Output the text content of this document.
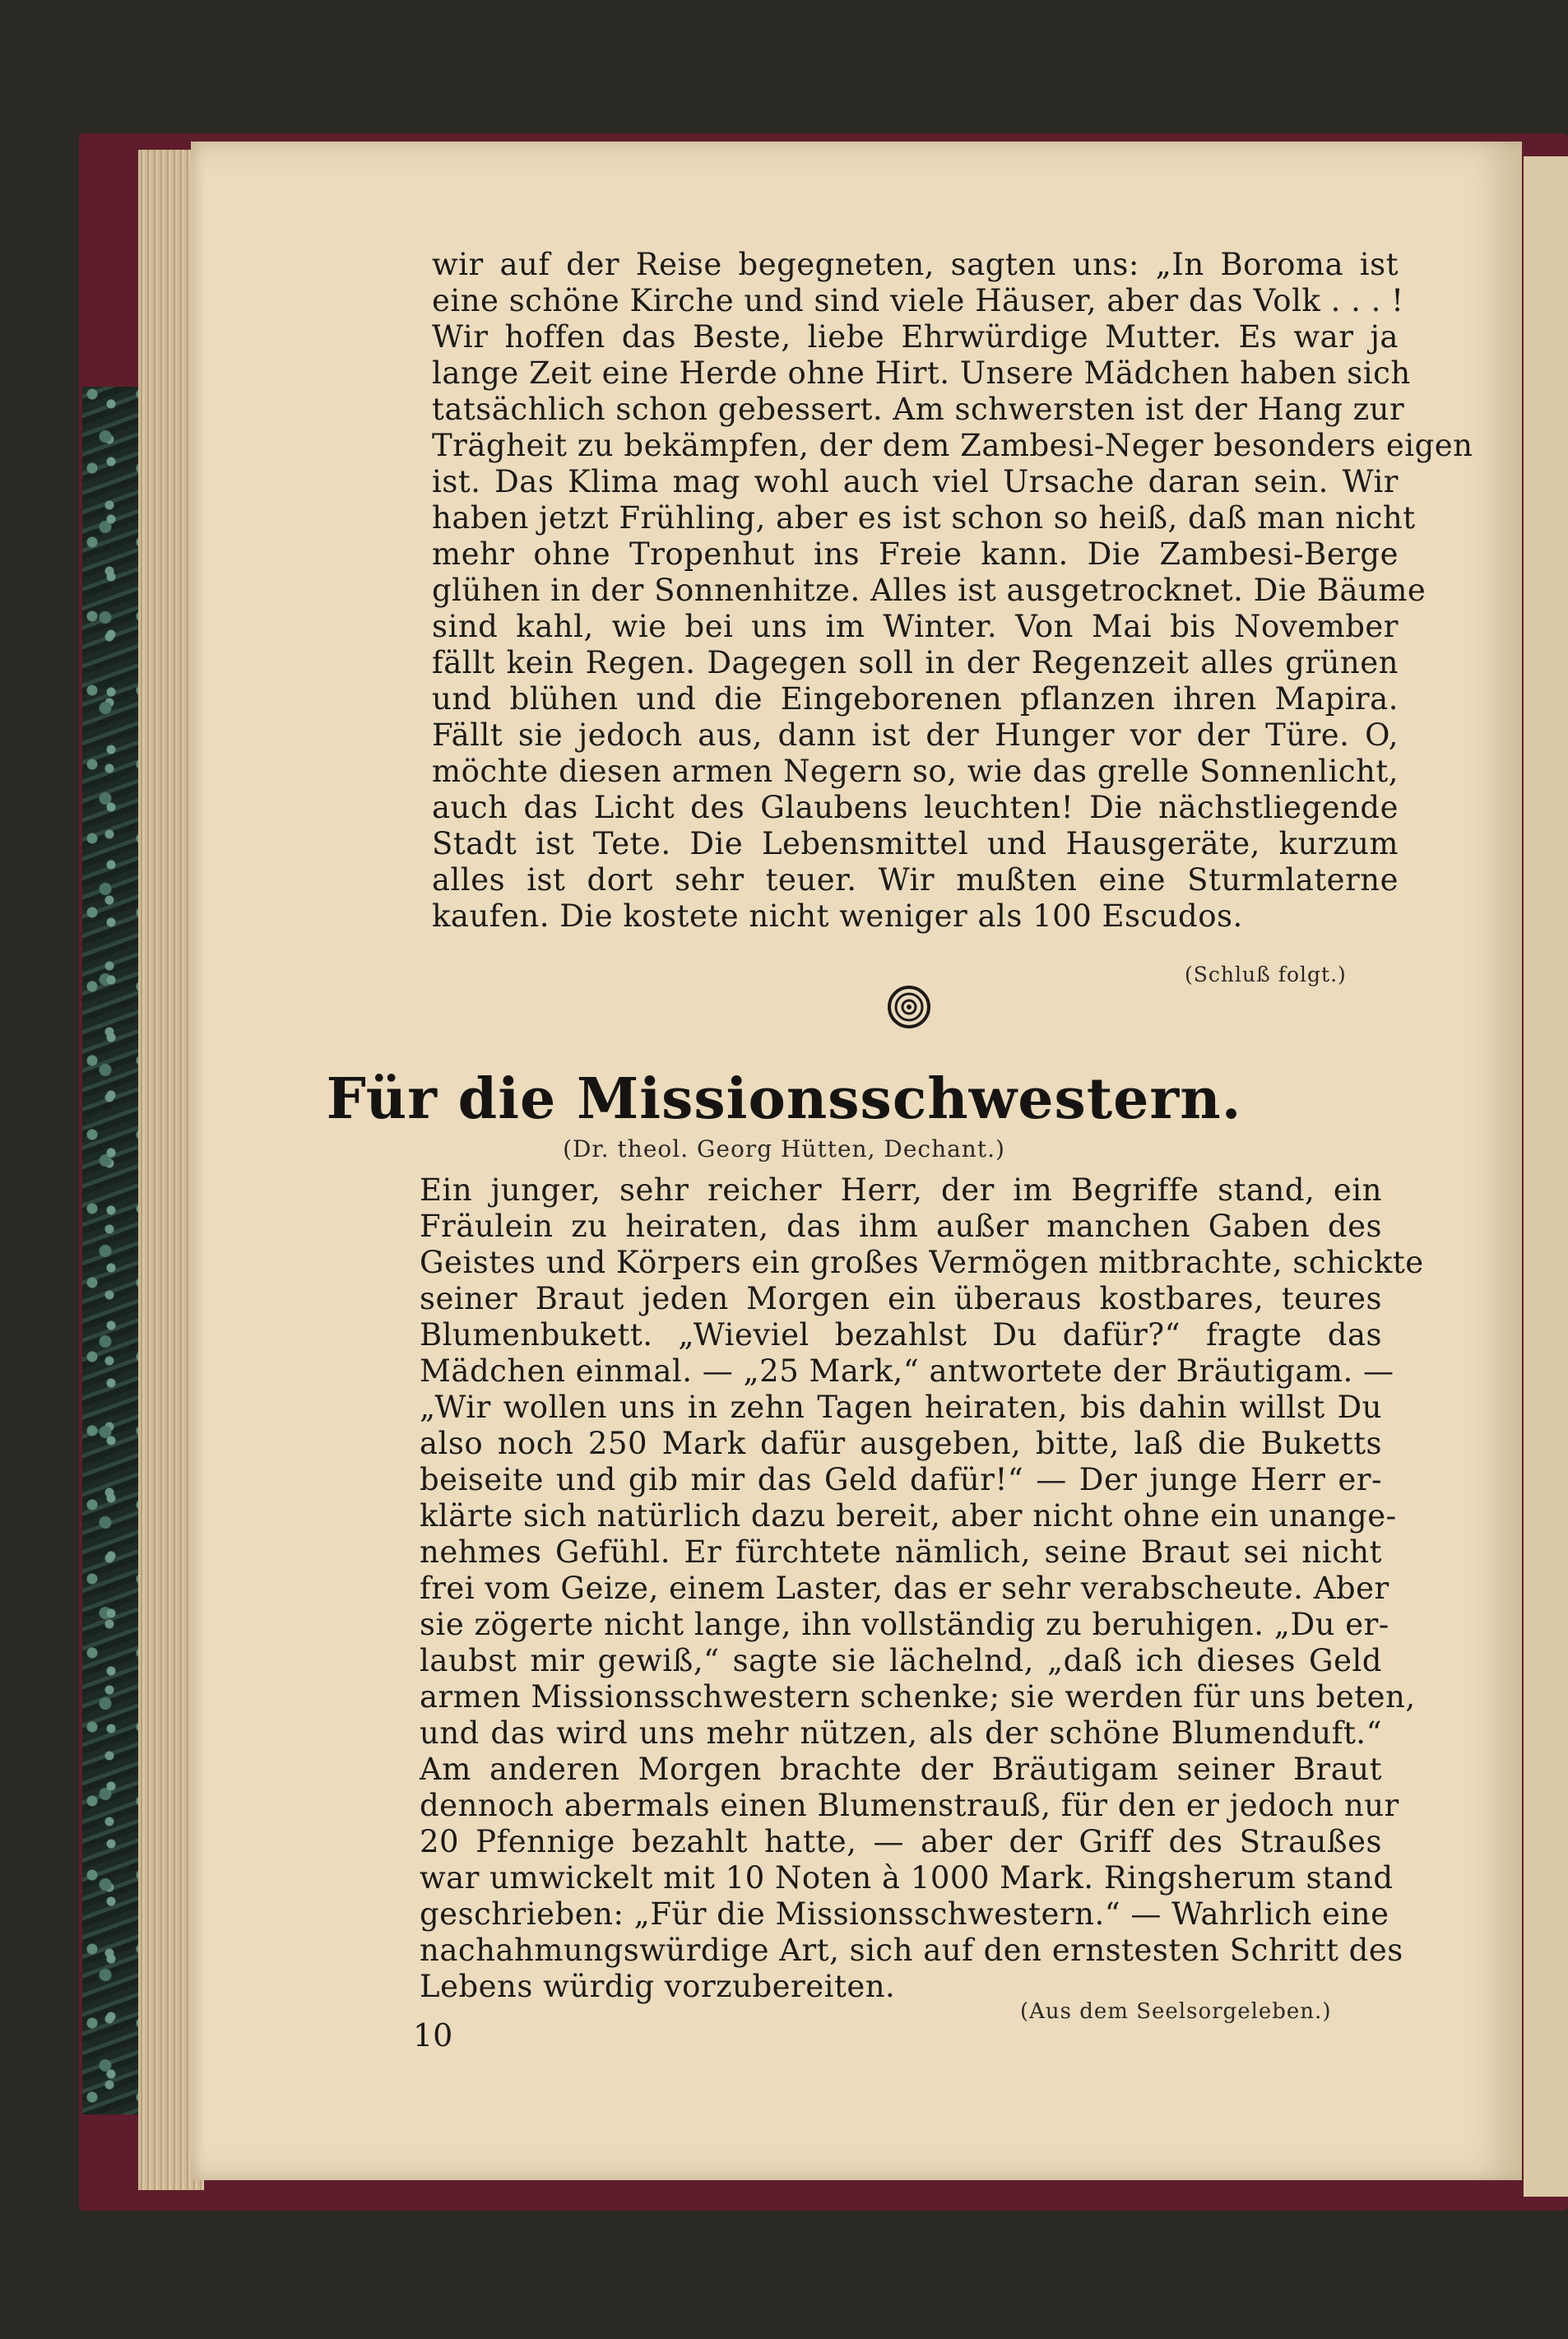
wir auf der Reise begegneten, sagten uns: „In Boroma ist
eine schöne Kirche und sind viele Häuser, aber das Volk . . . !
Wir hoffen das Beste, liebe Ehrwürdige Mutter. Es war ja
lange Zeit eine Herde ohne Hirt. Unsere Mädchen haben sich
tatsächlich schon gebessert. Am schwersten ist der Hang zur
Trägheit zu bekämpfen, der dem Zambesi-Neger besonders eigen
ist. Das Klima mag wohl auch viel Ursache daran sein. Wir
haben jetzt Frühling, aber es ist schon so heiß, daß man nicht
mehr ohne Tropenhut ins Freie kann. Die Zambesi-Berge
glühen in der Sonnenhitze. Alles ist ausgetrocknet. Die Bäume
sind kahl, wie bei uns im Winter. Von Mai bis November
fällt kein Regen. Dagegen soll in der Regenzeit alles grünen
und blühen und die Eingeborenen pflanzen ihren Mapira.
Fällt sie jedoch aus, dann ist der Hunger vor der Türe. O,
möchte diesen armen Negern so, wie das grelle Sonnenlicht,
auch das Licht des Glaubens leuchten! Die nächstliegende
Stadt ist Tete. Die Lebensmittel und Hausgeräte, kurzum
alles ist dort sehr teuer. Wir mußten eine Sturmlaterne
kaufen. Die kostete nicht weniger als 100 Escudos.
(Schluß folgt.)
Für die Missionsschwestern.
(Dr. theol. Georg Hütten, Dechant.)
Ein junger, sehr reicher Herr, der im Begriffe stand, ein
Fräulein zu heiraten, das ihm außer manchen Gaben des
Geistes und Körpers ein großes Vermögen mitbrachte, schickte
seiner Braut jeden Morgen ein überaus kostbares, teures
Blumenbukett. „Wieviel bezahlst Du dafür?“ fragte das
Mädchen einmal. — „25 Mark,“ antwortete der Bräutigam. —
„Wir wollen uns in zehn Tagen heiraten, bis dahin willst Du
also noch 250 Mark dafür ausgeben, bitte, laß die Buketts
beiseite und gib mir das Geld dafür!“ — Der junge Herr er-
klärte sich natürlich dazu bereit, aber nicht ohne ein unange-
nehmes Gefühl. Er fürchtete nämlich, seine Braut sei nicht
frei vom Geize, einem Laster, das er sehr verabscheute. Aber
sie zögerte nicht lange, ihn vollständig zu beruhigen. „Du er-
laubst mir gewiß,“ sagte sie lächelnd, „daß ich dieses Geld
armen Missionsschwestern schenke; sie werden für uns beten,
und das wird uns mehr nützen, als der schöne Blumenduft.“
Am anderen Morgen brachte der Bräutigam seiner Braut
dennoch abermals einen Blumenstrauß, für den er jedoch nur
20 Pfennige bezahlt hatte, — aber der Griff des Straußes
war umwickelt mit 10 Noten à 1000 Mark. Ringsherum stand
geschrieben: „Für die Missionsschwestern.“ — Wahrlich eine
nachahmungswürdige Art, sich auf den ernstesten Schritt des
Lebens würdig vorzubereiten.
(Aus dem Seelsorgeleben.)
10
